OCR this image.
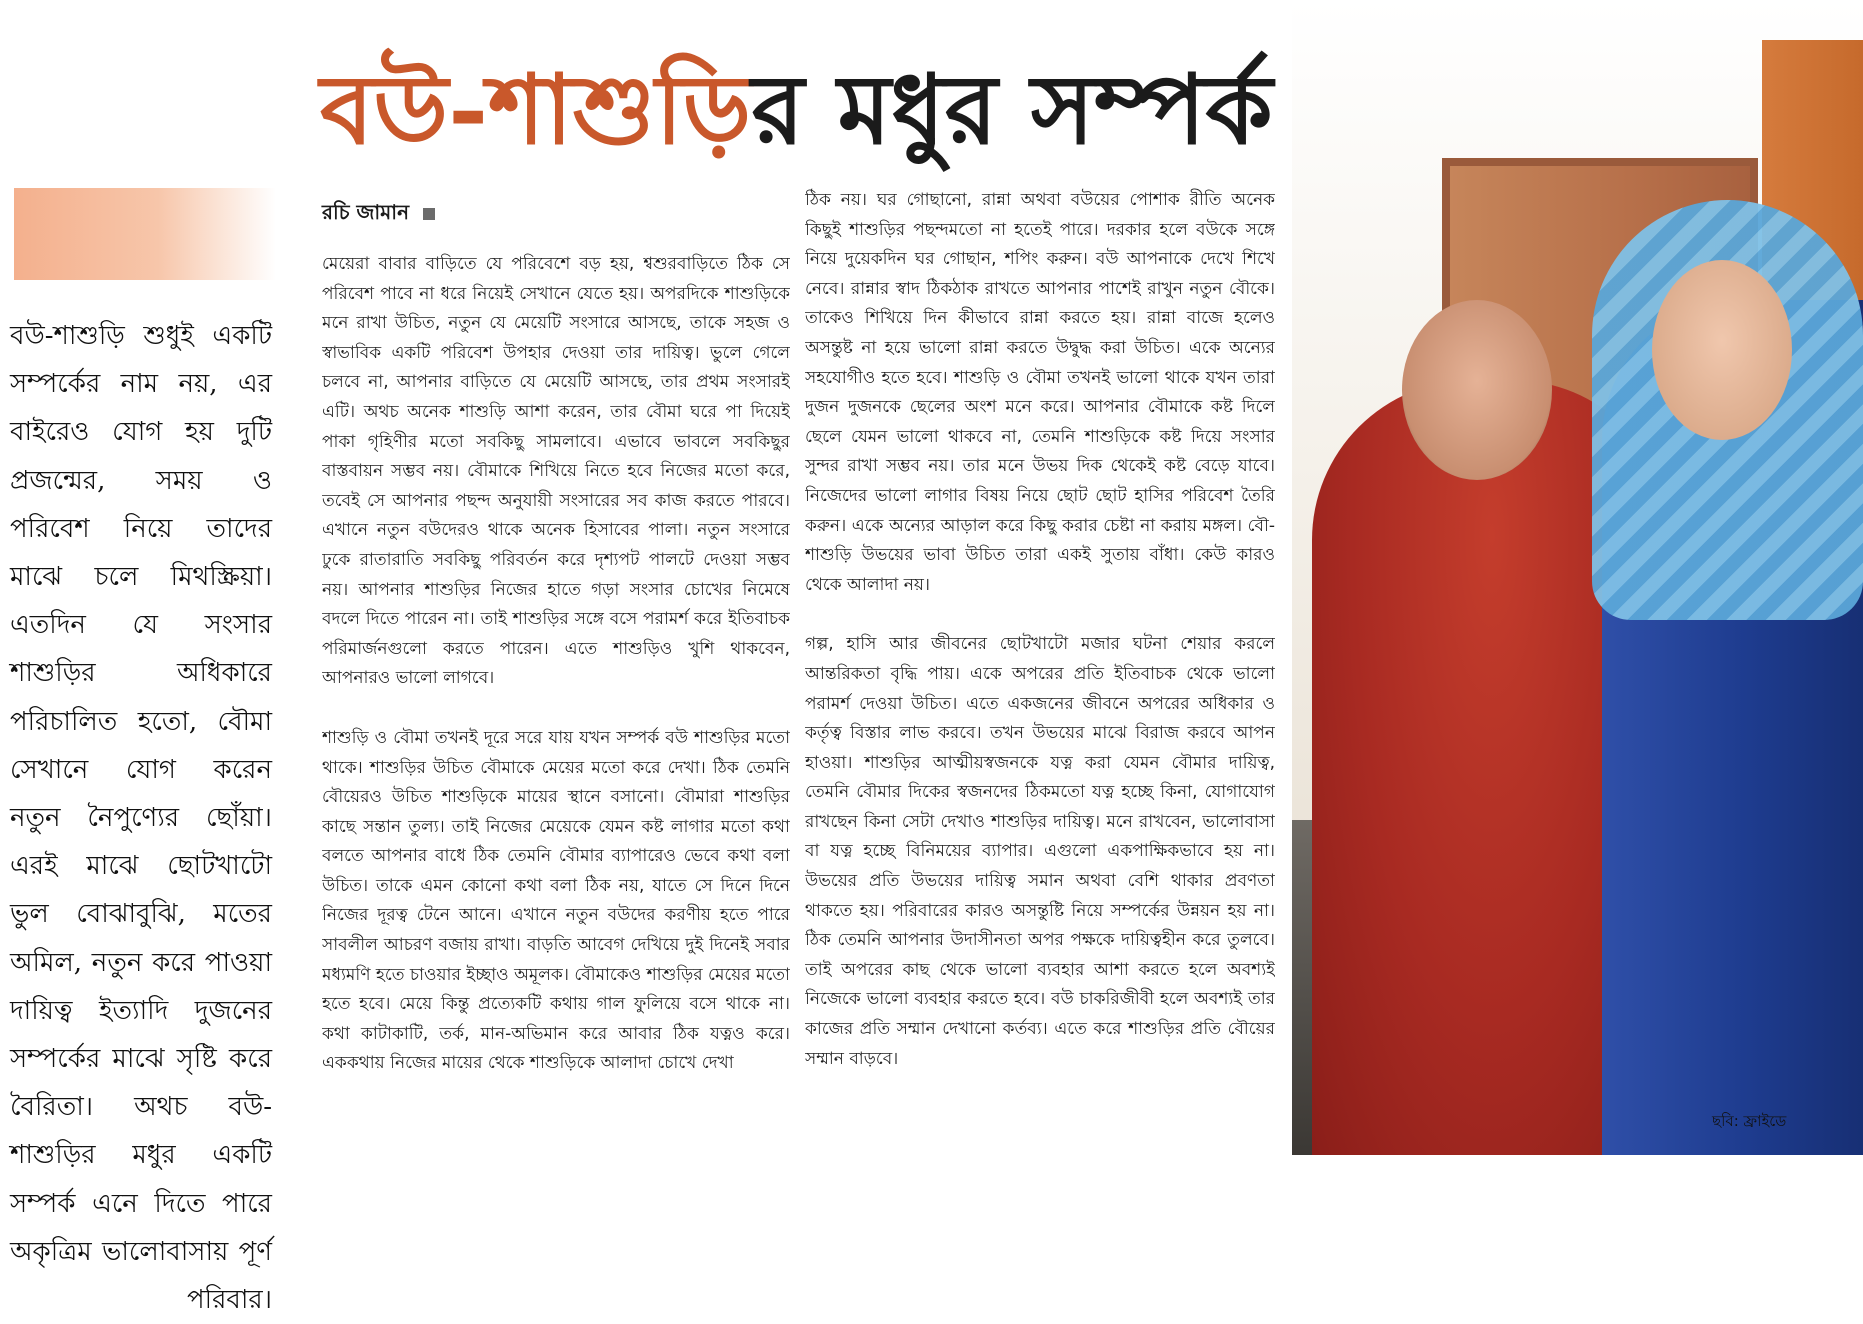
বউ-শাশুড়ির মধুর সম্পর্ক

বউ-শাশুড়ি শুধুই একটি সম্পর্কের নাম নয়, এর বাইরেও যোগ হয় দুটি প্রজন্মের, সময় ও পরিবেশ নিয়ে তাদের মাঝে চলে মিথস্ক্রিয়া। এতদিন যে সংসার শাশুড়ির অধিকারে পরিচালিত হতো, বৌমা সেখানে যোগ করেন নতুন নৈপুণ্যের ছোঁয়া। এরই মাঝে ছোটখাটো ভুল বোঝাবুঝি, মতের অমিল, নতুন করে পাওয়া দায়িত্ব ইত্যাদি দুজনের সম্পর্কের মাঝে সৃষ্টি করে বৈরিতা। অথচ বউ-শাশুড়ির মধুর একটি সম্পর্ক এনে দিতে পারে অকৃত্রিম ভালোবাসায় পূর্ণ পরিবার।

রচি জামান

মেয়েরা বাবার বাড়িতে যে পরিবেশে বড় হয়, শ্বশুরবাড়িতে ঠিক সে পরিবেশ পাবে না ধরে নিয়েই সেখানে যেতে হয়। অপরদিকে শাশুড়িকে মনে রাখা উচিত, নতুন যে মেয়েটি সংসারে আসছে, তাকে সহজ ও স্বাভাবিক একটি পরিবেশ উপহার দেওয়া তার দায়িত্ব। ভুলে গেলে চলবে না, আপনার বাড়িতে যে মেয়েটি আসছে, তার প্রথম সংসারই এটি। অথচ অনেক শাশুড়ি আশা করেন, তার বৌমা ঘরে পা দিয়েই পাকা গৃহিণীর মতো সবকিছু সামলাবে। এভাবে ভাবলে সবকিছুর বাস্তবায়ন সম্ভব নয়। বৌমাকে শিখিয়ে নিতে হবে নিজের মতো করে, তবেই সে আপনার পছন্দ অনুযায়ী সংসারের সব কাজ করতে পারবে। এখানে নতুন বউদেরও থাকে অনেক হিসাবের পালা। নতুন সংসারে ঢুকে রাতারাতি সবকিছু পরিবর্তন করে দৃশ্যপট পালটে দেওয়া সম্ভব নয়। আপনার শাশুড়ির নিজের হাতে গড়া সংসার চোখের নিমেষে বদলে দিতে পারেন না। তাই শাশুড়ির সঙ্গে বসে পরামর্শ করে ইতিবাচক পরিমার্জনগুলো করতে পারেন। এতে শাশুড়িও খুশি থাকবেন, আপনারও ভালো লাগবে।

শাশুড়ি ও বৌমা তখনই দূরে সরে যায় যখন সম্পর্ক বউ শাশুড়ির মতো থাকে। শাশুড়ির উচিত বৌমাকে মেয়ের মতো করে দেখা। ঠিক তেমনি বৌয়েরও উচিত শাশুড়িকে মায়ের স্থানে বসানো। বৌমারা শাশুড়ির কাছে সন্তান তুল্য। তাই নিজের মেয়েকে যেমন কষ্ট লাগার মতো কথা বলতে আপনার বাধে ঠিক তেমনি বৌমার ব্যাপারেও ভেবে কথা বলা উচিত। তাকে এমন কোনো কথা বলা ঠিক নয়, যাতে সে দিনে দিনে নিজের দূরত্ব টেনে আনে। এখানে নতুন বউদের করণীয় হতে পারে সাবলীল আচরণ বজায় রাখা। বাড়তি আবেগ দেখিয়ে দুই দিনেই সবার মধ্যমণি হতে চাওয়ার ইচ্ছাও অমূলক। বৌমাকেও শাশুড়ির মেয়ের মতো হতে হবে। মেয়ে কিন্তু প্রত্যেকটি কথায় গাল ফুলিয়ে বসে থাকে না। কথা কাটাকাটি, তর্ক, মান-অভিমান করে আবার ঠিক যত্নও করে। এককথায় নিজের মায়ের থেকে শাশুড়িকে আলাদা চোখে দেখা

ঠিক নয়। ঘর গোছানো, রান্না অথবা বউয়ের পোশাক রীতি অনেক কিছুই শাশুড়ির পছন্দমতো না হতেই পারে। দরকার হলে বউকে সঙ্গে নিয়ে দুয়েকদিন ঘর গোছান, শপিং করুন। বউ আপনাকে দেখে শিখে নেবে। রান্নার স্বাদ ঠিকঠাক রাখতে আপনার পাশেই রাখুন নতুন বৌকে। তাকেও শিখিয়ে দিন কীভাবে রান্না করতে হয়। রান্না বাজে হলেও অসন্তুষ্ট না হয়ে ভালো রান্না করতে উদ্বুদ্ধ করা উচিত। একে অন্যের সহযোগীও হতে হবে। শাশুড়ি ও বৌমা তখনই ভালো থাকে যখন তারা দুজন দুজনকে ছেলের অংশ মনে করে। আপনার বৌমাকে কষ্ট দিলে ছেলে যেমন ভালো থাকবে না, তেমনি শাশুড়িকে কষ্ট দিয়ে সংসার সুন্দর রাখা সম্ভব নয়। তার মনে উভয় দিক থেকেই কষ্ট বেড়ে যাবে। নিজেদের ভালো লাগার বিষয় নিয়ে ছোট ছোট হাসির পরিবেশ তৈরি করুন। একে অন্যের আড়াল করে কিছু করার চেষ্টা না করায় মঙ্গল। বৌ-শাশুড়ি উভয়ের ভাবা উচিত তারা একই সুতায় বাঁধা। কেউ কারও থেকে আলাদা নয়।

গল্প, হাসি আর জীবনের ছোটখাটো মজার ঘটনা শেয়ার করলে আন্তরিকতা বৃদ্ধি পায়। একে অপরের প্রতি ইতিবাচক থেকে ভালো পরামর্শ দেওয়া উচিত। এতে একজনের জীবনে অপরের অধিকার ও কর্তৃত্ব বিস্তার লাভ করবে। তখন উভয়ের মাঝে বিরাজ করবে আপন হাওয়া। শাশুড়ির আত্মীয়স্বজনকে যত্ন করা যেমন বৌমার দায়িত্ব, তেমনি বৌমার দিকের স্বজনদের ঠিকমতো যত্ন হচ্ছে কিনা, যোগাযোগ রাখছেন কিনা সেটা দেখাও শাশুড়ির দায়িত্ব। মনে রাখবেন, ভালোবাসা বা যত্ন হচ্ছে বিনিময়ের ব্যাপার। এগুলো একপাক্ষিকভাবে হয় না। উভয়ের প্রতি উভয়ের দায়িত্ব সমান অথবা বেশি থাকার প্রবণতা থাকতে হয়। পরিবারের কারও অসন্তুষ্টি নিয়ে সম্পর্কের উন্নয়ন হয় না। ঠিক তেমনি আপনার উদাসীনতা অপর পক্ষকে দায়িত্বহীন করে তুলবে। তাই অপরের কাছ থেকে ভালো ব্যবহার আশা করতে হলে অবশ্যই নিজেকে ভালো ব্যবহার করতে হবে। বউ চাকরিজীবী হলে অবশ্যই তার কাজের প্রতি সম্মান দেখানো কর্তব্য। এতে করে শাশুড়ির প্রতি বৌয়ের সম্মান বাড়বে।

ছবি: ফ্রাইডে
